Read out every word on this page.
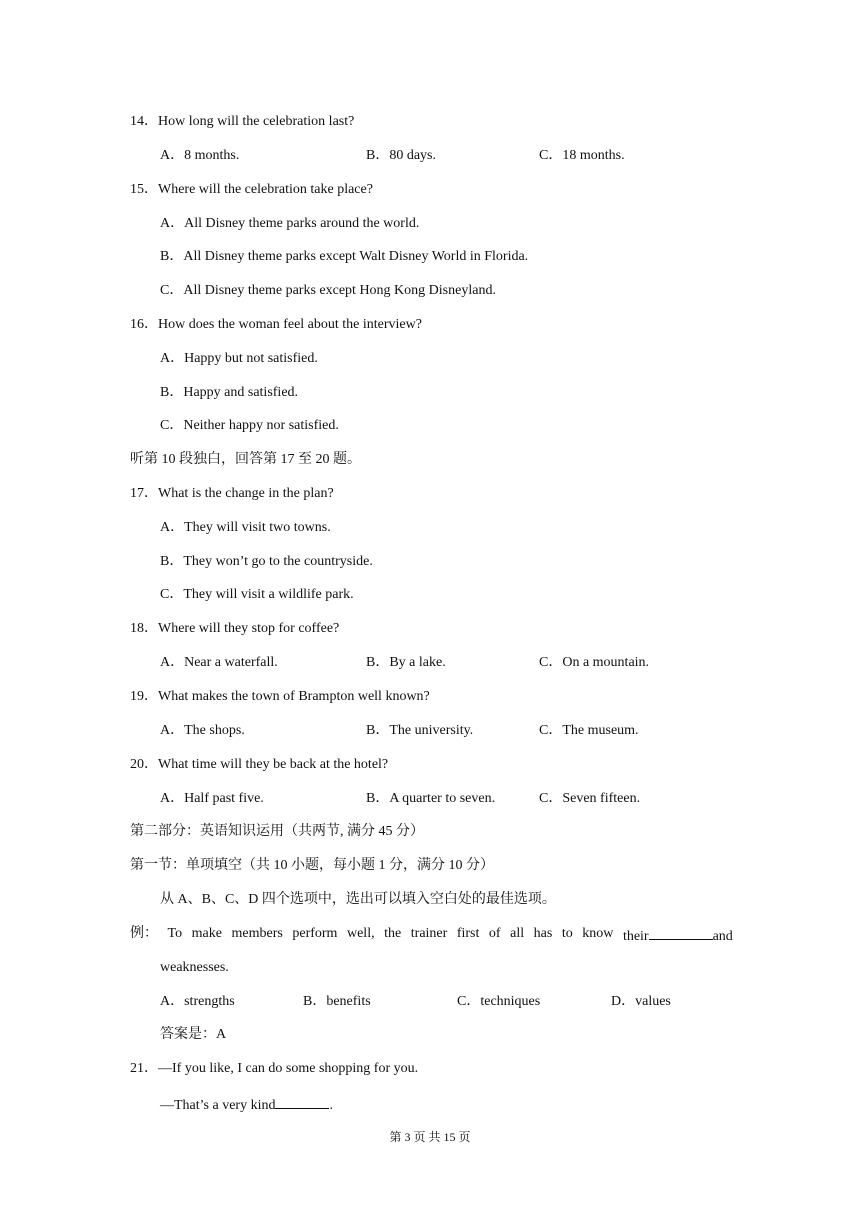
14．How long will the celebration last?
A．8 months.	B．80 days.	C．18 months.
15．Where will the celebration take place?
A．All Disney theme parks around the world.
B．All Disney theme parks except Walt Disney World in Florida.
C．All Disney theme parks except Hong Kong Disneyland.
16．How does the woman feel about the interview?
A．Happy but not satisfied.
B．Happy and satisfied.
C．Neither happy nor satisfied.
听第 10 段独白，回答第 17 至 20 题。
17．What is the change in the plan?
A．They will visit two towns.
B．They won’t go to the countryside.
C．They will visit a wildlife park.
18．Where will they stop for coffee?
A．Near a waterfall.	B．By a lake.	C．On a mountain.
19．What makes the town of Brampton well known?
A．The shops.	B．The university.	C．The museum.
20．What time will they be back at the hotel?
A．Half past five.	B．A quarter to seven.	C．Seven fifteen.
第二部分：英语知识运用（共两节, 满分 45 分）
第一节：单项填空（共 10 小题，每小题 1 分，满分 10 分）
从 A、B、C、D 四个选项中，选出可以填入空白处的最佳选项。
例： To make members perform well, the trainer first of all has to know their	and
weaknesses.
A．strengths	B．benefits	C．techniques	D．values
答案是：A
21．—If you like, I can do some shopping for you.
—That’s a very kind	.
第 3 页 共 15 页
